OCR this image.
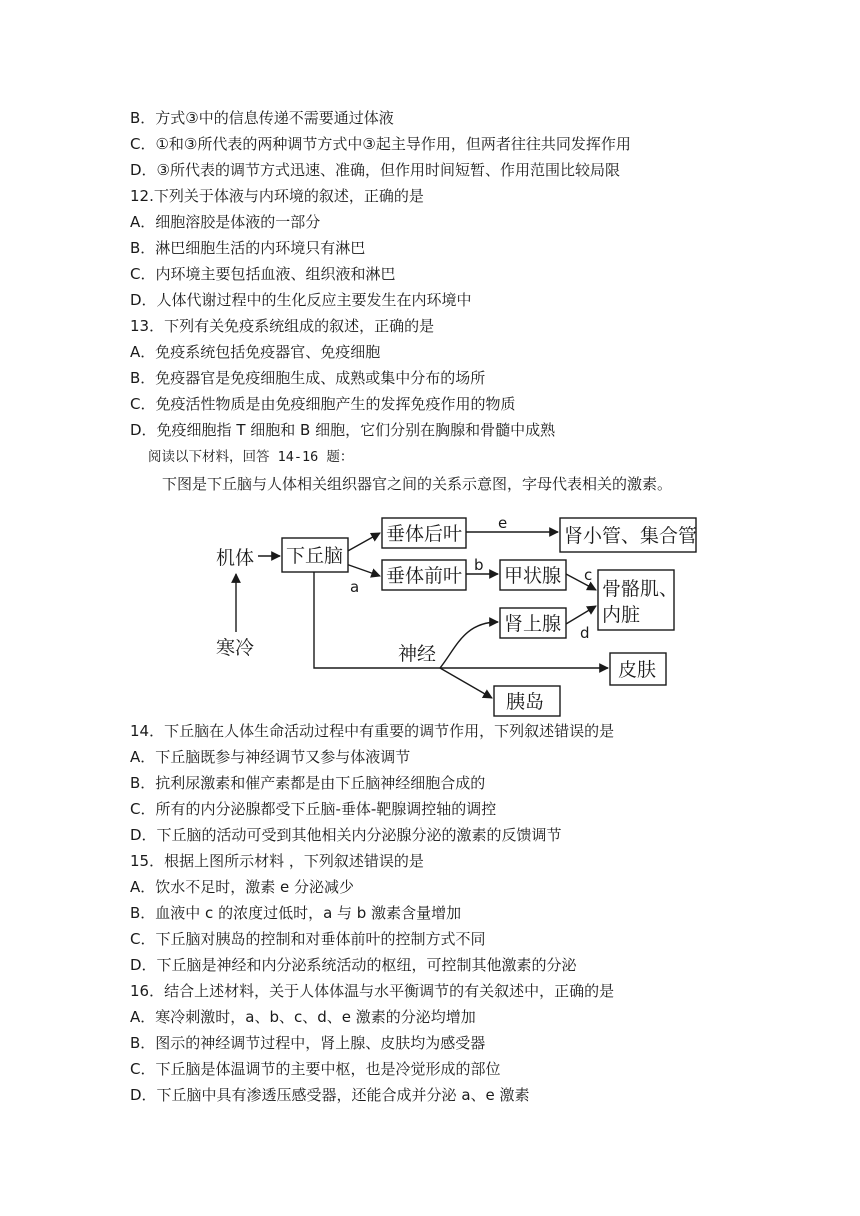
B．方式③中的信息传递不需要通过体液
C．①和③所代表的两种调节方式中③起主导作用，但两者往往共同发挥作用
D．③所代表的调节方式迅速、准确，但作用时间短暂、作用范围比较局限
12.下列关于体液与内环境的叙述，正确的是
A．细胞溶胶是体液的一部分
B．淋巴细胞生活的内环境只有淋巴
C．内环境主要包括血液、组织液和淋巴
D．人体代谢过程中的生化反应主要发生在内环境中
13．下列有关免疫系统组成的叙述，正确的是
A．免疫系统包括免疫器官、免疫细胞
B．免疫器官是免疫细胞生成、成熟或集中分布的场所
C．免疫活性物质是由免疫细胞产生的发挥免疫作用的物质
D．免疫细胞指 T 细胞和 B 细胞，它们分别在胸腺和骨髓中成熟
阅读以下材料，回答 14-16 题：
下图是下丘脑与人体相关组织器官之间的关系示意图，字母代表相关的激素。
机体
寒冷
下丘脑
垂体后叶
垂体前叶
肾小管、集合管
甲状腺
骨骼肌、
内脏
肾上腺
神经
皮肤
胰岛
a
b
c
d
e
14．下丘脑在人体生命活动过程中有重要的调节作用，下列叙述错误的是
A．下丘脑既参与神经调节又参与体液调节
B．抗利尿激素和催产素都是由下丘脑神经细胞合成的
C．所有的内分泌腺都受下丘脑-垂体-靶腺调控轴的调控
D．下丘脑的活动可受到其他相关内分泌腺分泌的激素的反馈调节
15．根据上图所示材料 ，下列叙述错误的是
A．饮水不足时，激素 e 分泌减少
B．血液中 c 的浓度过低时，a 与 b 激素含量增加
C．下丘脑对胰岛的控制和对垂体前叶的控制方式不同
D．下丘脑是神经和内分泌系统活动的枢纽，可控制其他激素的分泌
16．结合上述材料，关于人体体温与水平衡调节的有关叙述中，正确的是
A．寒冷刺激时，a、b、c、d、e 激素的分泌均增加
B．图示的神经调节过程中，肾上腺、皮肤均为感受器
C．下丘脑是体温调节的主要中枢，也是冷觉形成的部位
D．下丘脑中具有渗透压感受器，还能合成并分泌 a、e 激素
